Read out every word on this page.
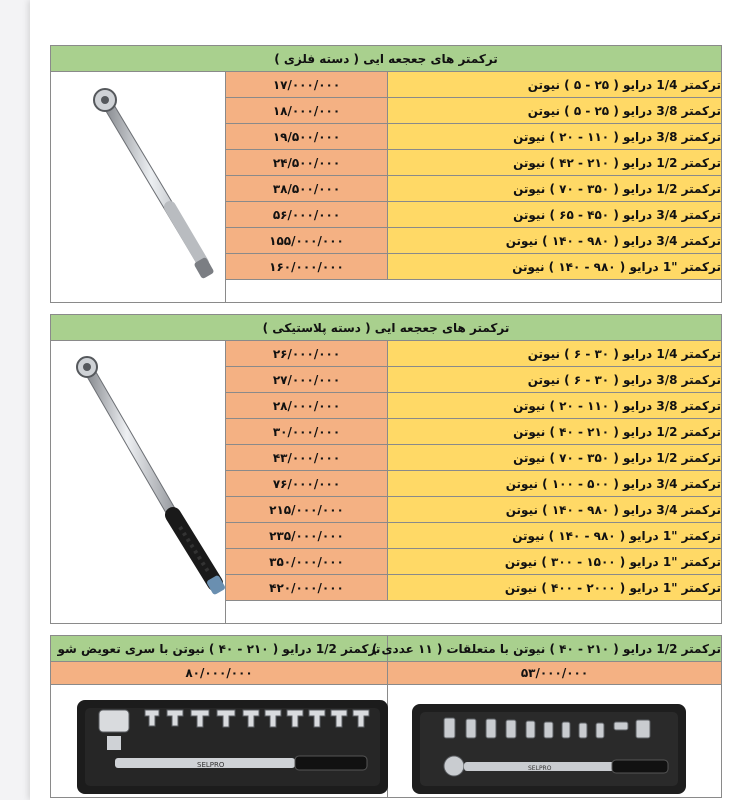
ترکمتر های جعجعه ایی ( دسته فلزی )		
	۱۷/۰۰۰/۰۰۰	ترکمتر 1/4 درایو ( ۲۵ - ۵ ) نیوتن
	۱۸/۰۰۰/۰۰۰	ترکمتر 3/8 درایو ( ۲۵ - ۵ ) نیوتن
	۱۹/۵۰۰/۰۰۰	ترکمتر 3/8 درایو ( ۱۱۰ - ۲۰ ) نیوتن
	۲۴/۵۰۰/۰۰۰	ترکمتر 1/2 درایو ( ۲۱۰ - ۴۲ ) نیوتن
	۳۸/۵۰۰/۰۰۰	ترکمتر 1/2 درایو ( ۳۵۰ - ۷۰ ) نیوتن
	۵۶/۰۰۰/۰۰۰	ترکمتر 3/4 درایو ( ۴۵۰ - ۶۵ ) نیوتن
	۱۵۵/۰۰۰/۰۰۰	ترکمتر 3/4 درایو ( ۹۸۰ - ۱۴۰ ) نیوتن
	۱۶۰/۰۰۰/۰۰۰	ترکمتر "1 درایو ( ۹۸۰ - ۱۴۰ ) نیوتن

ترکمتر های جعجعه ایی ( دسته پلاستیکی )		
	۲۶/۰۰۰/۰۰۰	ترکمتر 1/4 درایو ( ۳۰ - ۶ ) نیوتن
	۲۷/۰۰۰/۰۰۰	ترکمتر 3/8 درایو ( ۳۰ - ۶ ) نیوتن
	۲۸/۰۰۰/۰۰۰	ترکمتر 3/8 درایو ( ۱۱۰ - ۲۰ ) نیوتن
	۳۰/۰۰۰/۰۰۰	ترکمتر 1/2 درایو ( ۲۱۰ - ۴۰ ) نیوتن
	۴۳/۰۰۰/۰۰۰	ترکمتر 1/2 درایو ( ۳۵۰ - ۷۰ ) نیوتن
	۷۶/۰۰۰/۰۰۰	ترکمتر 3/4 درایو ( ۵۰۰ - ۱۰۰ ) نیوتن
	۲۱۵/۰۰۰/۰۰۰	ترکمتر 3/4 درایو ( ۹۸۰ - ۱۴۰ ) نیوتن
	۲۳۵/۰۰۰/۰۰۰	ترکمتر "1 درایو ( ۹۸۰ - ۱۴۰ ) نیوتن
	۳۵۰/۰۰۰/۰۰۰	ترکمتر "1 درایو ( ۱۵۰۰ - ۳۰۰ ) نیوتن
	۴۲۰/۰۰۰/۰۰۰	ترکمتر "1 درایو ( ۲۰۰۰ - ۴۰۰ ) نیوتن

ترکمتر 1/2 درایو ( ۲۱۰ - ۴۰ ) نیوتن با سری تعویض شو	ترکمتر 1/2 درایو ( ۲۱۰ - ۴۰ ) نیوتن با متعلقات ( ۱۱ عددی )
۸۰/۰۰۰/۰۰۰	۵۳/۰۰۰/۰۰۰

SELPRO	SELPRO
